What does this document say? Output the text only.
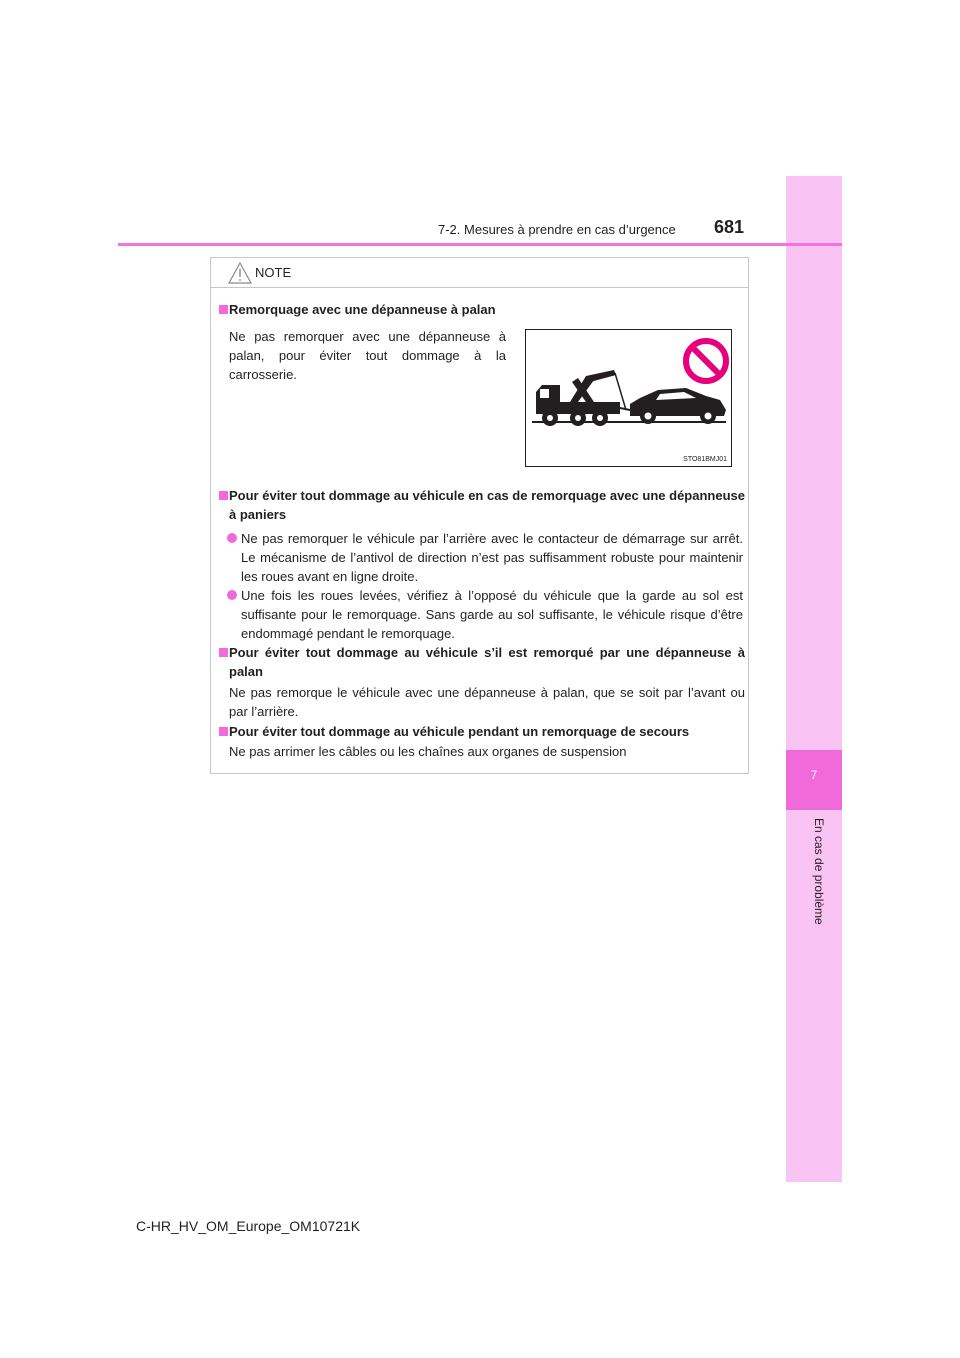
7
En cas de problème
7-2. Mesures à prendre en cas d’urgence 681
NOTE
Remorquage avec une dépanneuse à palan
Ne pas remorquer avec une dépanneuse à palan, pour éviter tout dommage à la carrosserie.
Pour éviter tout dommage au véhicule en cas de remorquage avec une dépanneuse à paniers
Ne pas remorquer le véhicule par l’arrière avec le contacteur de démarrage sur arrêt. Le mécanisme de l’antivol de direction n’est pas suffisamment robuste pour maintenir les roues avant en ligne droite.
Une fois les roues levées, vérifiez à l’opposé du véhicule que la garde au sol est suffisante pour le remorquage. Sans garde au sol suffisante, le véhicule risque d’être endommagé pendant le remorquage.
Pour éviter tout dommage au véhicule s’il est remorqué par une dépanneuse à palan
Ne pas remorque le véhicule avec une dépanneuse à palan, que se soit par l’avant ou par l’arrière.
Pour éviter tout dommage au véhicule pendant un remorquage de secours
Ne pas arrimer les câbles ou les chaînes aux organes de suspension
STO81BMJ01
C-HR_HV_OM_Europe_OM10721K
